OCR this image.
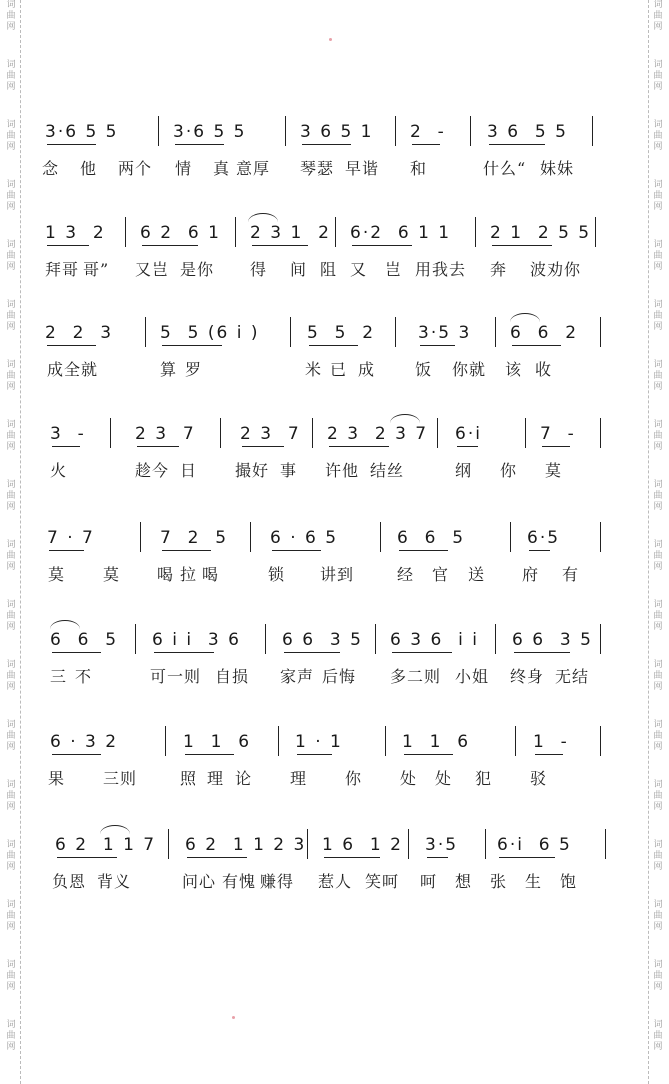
词
曲
网
词
曲
网
词
曲
网
词
曲
网
词
曲
网
词
曲
网
词
曲
网
词
曲
网
词
曲
网
词
曲
网
词
曲
网
词
曲
网
词
曲
网
词
曲
网
词
曲
网
词
曲
网
词
曲
网
词
曲
网
词
曲
网
词
曲
网
词
曲
网
词
曲
网
词
曲
网
词
曲
网
词
曲
网
词
曲
网
词
曲
网
词
曲
网
词
曲
网
词
曲
网
词
曲
网
词
曲
网
词
曲
网
词
曲
网
词
曲
网
词
曲
网
3·6 5 5	3·6 5 5	3 6 5 1 2  - 3 6  5 5
念 他 两个 情 真 意厚 琴瑟 早谐 和	什么“ 妹妹
1 3  2 6 2  6 1 2 3 1  2 6·2  6 1 1 2 1  2 5 5
拜哥 哥” 又岂 是你 得 间 阻 又 岂 用我去 奔 波劝你
2  2  3	5  5 (6 i )	5  5  2	3·5 3 6  6  2
成全就	算 罗	米 已 成 饭 你就 该 收
3  -	2 3  7	2 3  7 2 3  2 3 7 6·i	7  -
火	趁今 日 撮好 事 许他 结丝	纲 你 莫
7 · 7	7  2  5 6 · 6 5	6  6  5	6·5
莫 莫 喝 拉 喝	锁 讲到	经 官 送 府 有
6  6  5 6 i i  3 6 6 6  3 5 6 3 6  i i 6 6  3 5
三 不	可一则 自损 家声 后悔 多二则 小姐 终身 无结
6 · 3 2	1  1  6	1 · 1	1  1  6	1  -
果 三则	照 理 论 理 你 处 处 犯 驳
6 2  1 1 7 6 2  1 1 2 3 1 6  1 2 3·5 6·i  6 5
负恩 背义	问心 有愧 赚得 惹人 笑呵 呵 想 张 生 饱
